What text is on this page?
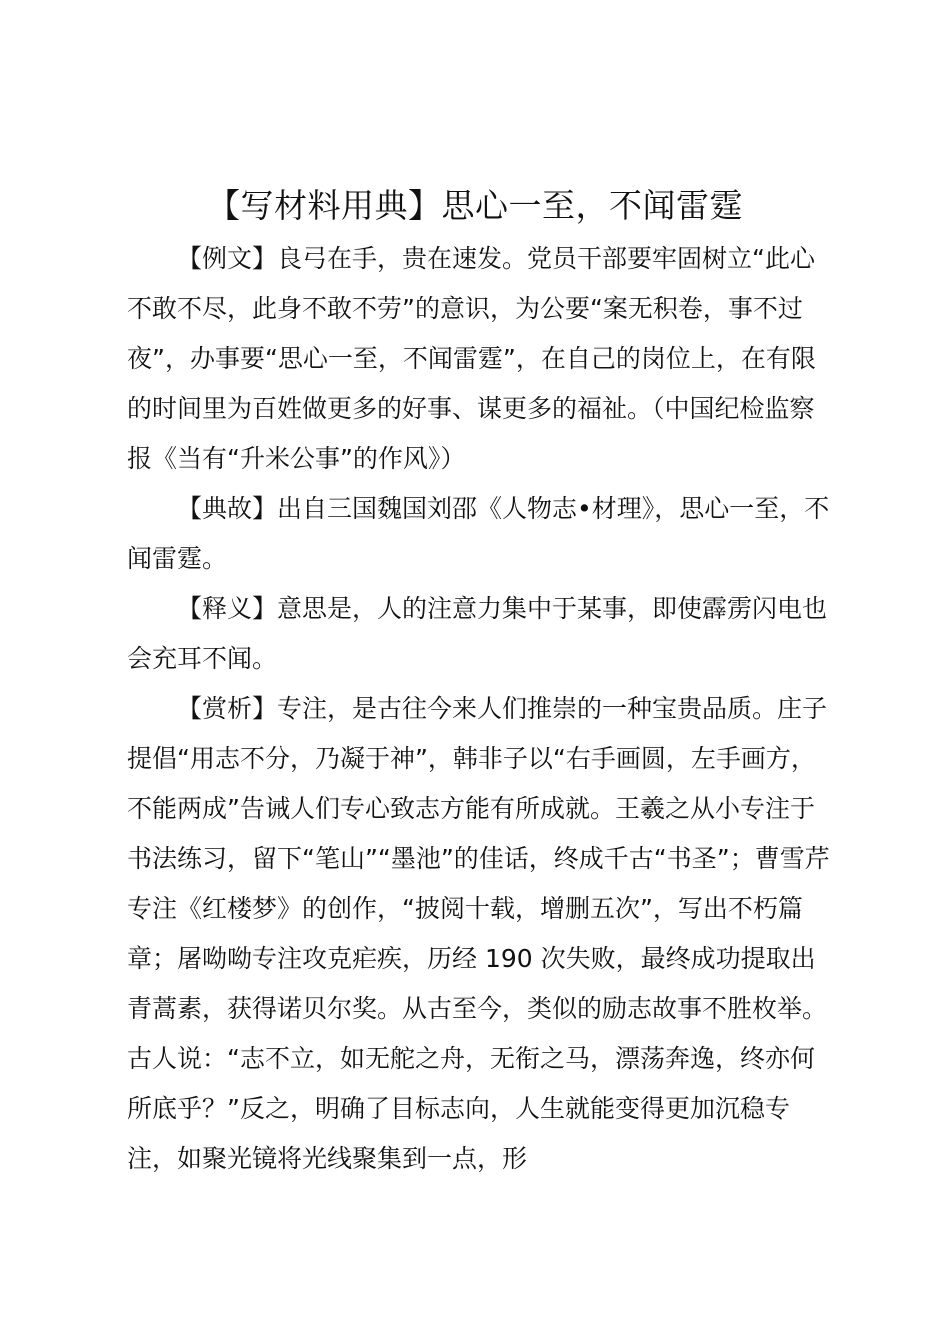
【写材料用典】思心一至，不闻雷霆

【例文】良弓在手，贵在速发。党员干部要牢固树立“此心不敢不尽，此身不敢不劳”的意识，为公要“案无积卷，事不过夜”，办事要“思心一至，不闻雷霆”，在自己的岗位上，在有限的时间里为百姓做更多的好事、谋更多的福祉。（中国纪检监察报《当有“升米公事”的作风》）

【典故】出自三国魏国刘邵《人物志•材理》，思心一至，不闻雷霆。

【释义】意思是，人的注意力集中于某事，即使霹雳闪电也会充耳不闻。

【赏析】专注，是古往今来人们推崇的一种宝贵品质。庄子提倡“用志不分，乃凝于神”，韩非子以“右手画圆，左手画方，不能两成”告诫人们专心致志方能有所成就。王羲之从小专注于书法练习，留下“笔山”“墨池”的佳话，终成千古“书圣”；曹雪芹专注《红楼梦》的创作，“披阅十载，增删五次”，写出不朽篇章；屠呦呦专注攻克疟疾，历经 190 次失败，最终成功提取出青蒿素，获得诺贝尔奖。从古至今，类似的励志故事不胜枚举。古人说：“志不立，如无舵之舟，无衔之马，漂荡奔逸，终亦何所底乎？”反之，明确了目标志向，人生就能变得更加沉稳专注，如聚光镜将光线聚集到一点，形
